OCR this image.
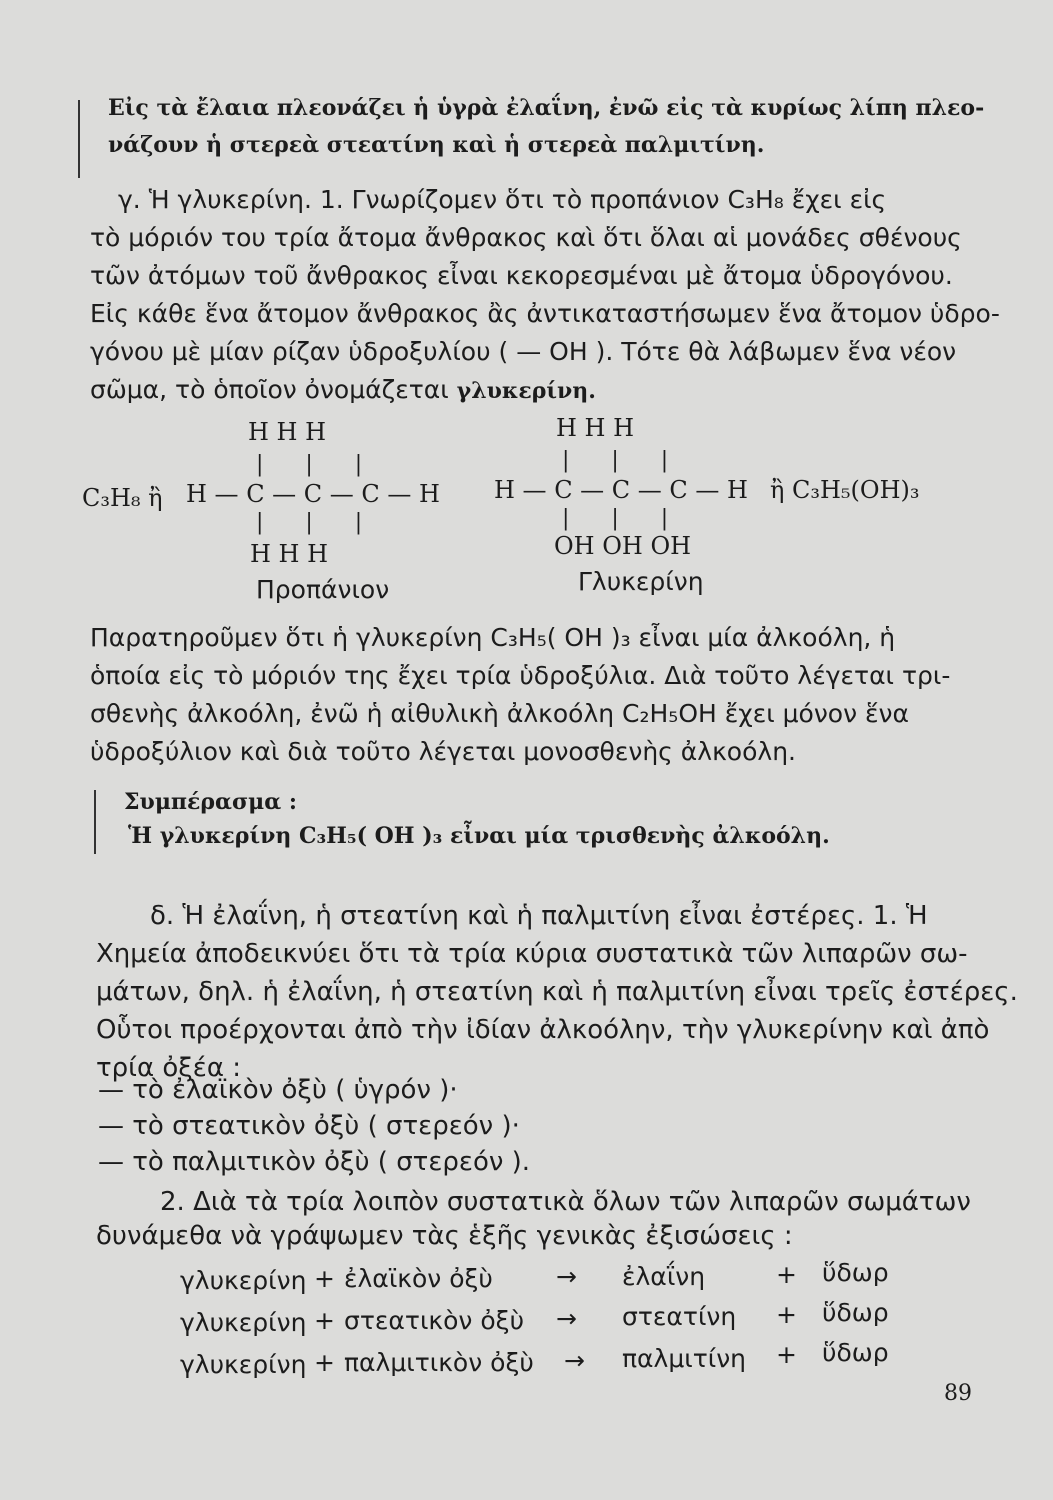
Εἰς τὰ ἔλαια πλεονάζει ἡ ὑγρὰ ἐλαΐνη, ἐνῶ εἰς τὰ κυρίως λίπη πλεο-
νάζουν ἡ στερεὰ στεατίνη καὶ ἡ στερεὰ παλμιτίνη.
γ. Ἡ γλυκερίνη. 1. Γνωρίζομεν ὅτι τὸ προπάνιον C₃H₈ ἔχει εἰς
τὸ μόριόν του τρία ἄτομα ἄνθρακος καὶ ὅτι ὅλαι αἱ μονάδες σθένους
τῶν ἀτόμων τοῦ ἄνθρακος εἶναι κεκορεσμέναι μὲ ἄτομα ὑδρογόνου.
Εἰς κάθε ἕνα ἄτομον ἄνθρακος ἂς ἀντικαταστήσωμεν ἕνα ἄτομον ὑδρο-
γόνου μὲ μίαν ρίζαν ὑδροξυλίου ( — OH ). Τότε θὰ λάβωμεν ἕνα νέον
σῶμα, τὸ ὁποῖον ὀνομάζεται γλυκερίνη.
H H H
|      |      |
C₃H₈ ἢ H — C — C — C — H
|      |      |
H H H
Προπάνιον
H H H
|      |      |
H — C — C — C — H ἢ C₃H₅(OH)₃
|      |      |
OH OH OH
Γλυκερίνη
Παρατηροῦμεν ὅτι ἡ γλυκερίνη C₃H₅( OH )₃ εἶναι μία ἀλκοόλη, ἡ
ὁποία εἰς τὸ μόριόν της ἔχει τρία ὑδροξύλια. Διὰ τοῦτο λέγεται τρι-
σθενὴς ἀλκοόλη, ἐνῶ ἡ αἰθυλικὴ ἀλκοόλη C₂H₅OH ἔχει μόνον ἕνα
ὑδροξύλιον καὶ διὰ τοῦτο λέγεται μονοσθενὴς ἀλκοόλη.
Συμπέρασμα :
Ἡ γλυκερίνη C₃H₅( OH )₃ εἶναι μία τρισθενὴς ἀλκοόλη.
δ. Ἡ ἐλαΐνη, ἡ στεατίνη καὶ ἡ παλμιτίνη εἶναι ἐστέρες. 1. Ἡ
Χημεία ἀποδεικνύει ὅτι τὰ τρία κύρια συστατικὰ τῶν λιπαρῶν σω-
μάτων, δηλ. ἡ ἐλαΐνη, ἡ στεατίνη καὶ ἡ παλμιτίνη εἶναι τρεῖς ἐστέρες.
Οὗτοι προέρχονται ἀπὸ τὴν ἰδίαν ἀλκοόλην, τὴν γλυκερίνην καὶ ἀπὸ
τρία ὀξέα :
— τὸ ἐλαϊκὸν ὀξὺ ( ὑγρόν )·
— τὸ στεατικὸν ὀξὺ ( στερεόν )·
— τὸ παλμιτικὸν ὀξὺ ( στερεόν ).
2. Διὰ τὰ τρία λοιπὸν συστατικὰ ὅλων τῶν λιπαρῶν σωμάτων
δυνάμεθα νὰ γράψωμεν τὰς ἑξῆς γενικὰς ἐξισώσεις :
γλυκερίνη + ἐλαϊκὸν ὀξὺ	→ ἐλαΐνη	+ ὕδωρ
γλυκερίνη + στεατικὸν ὀξὺ → στεατίνη + ὕδωρ
γλυκερίνη + παλμιτικὸν ὀξὺ → παλμιτίνη + ὕδωρ
89
